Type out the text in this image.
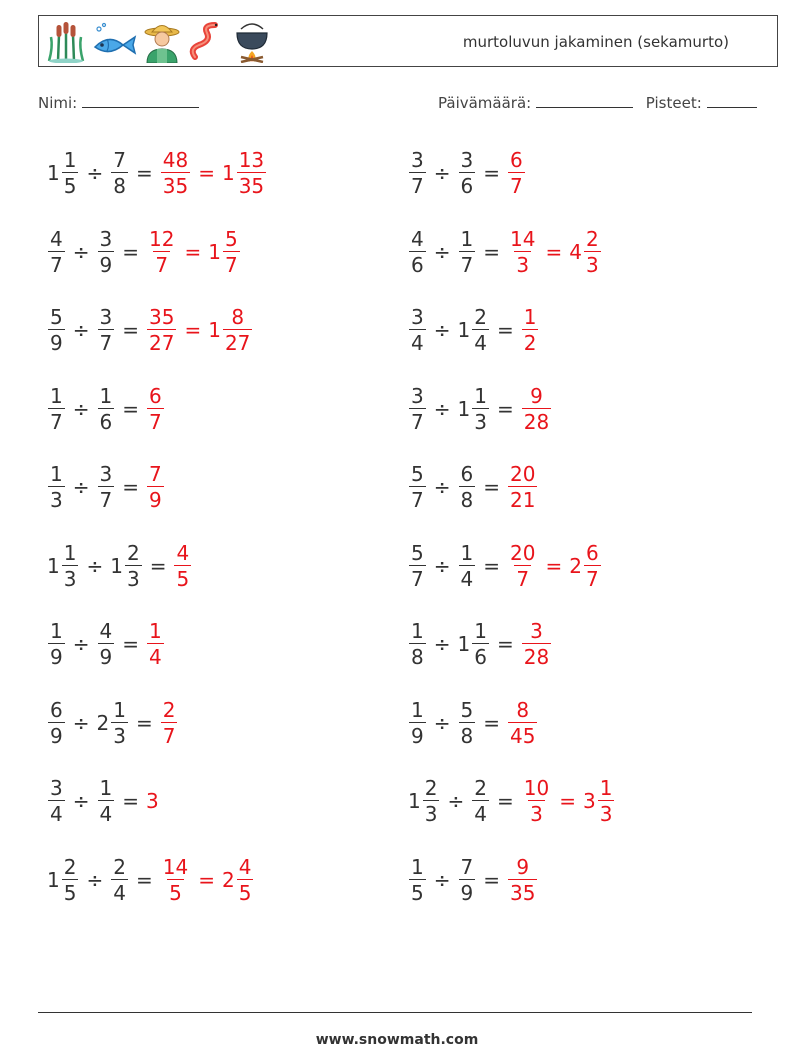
murtoluvun jakaminen (sekamurto)
Nimi:	Päivämäärä:	Pisteet:
$1 \frac{1}{5} \div \frac{7}{8} = \frac{48}{35} = 1 \frac{13}{35}$	$\frac{3}{7} \div \frac{3}{6} = \frac{6}{7}$
$\frac{4}{7} \div \frac{3}{9} = \frac{12}{7} = 1 \frac{5}{7}$	$\frac{4}{6} \div \frac{1}{7} = \frac{14}{3} = 4 \frac{2}{3}$
$\frac{5}{9} \div \frac{3}{7} = \frac{35}{27} = 1 \frac{8}{27}$	$\frac{3}{4} \div 1 \frac{2}{4} = \frac{1}{2}$
$\frac{1}{7} \div \frac{1}{6} = \frac{6}{7}$	$\frac{3}{7} \div 1 \frac{1}{3} = \frac{9}{28}$
$\frac{1}{3} \div \frac{3}{7} = \frac{7}{9}$	$\frac{5}{7} \div \frac{6}{8} = \frac{20}{21}$
$1 \frac{1}{3} \div 1 \frac{2}{3} = \frac{4}{5}$	$\frac{5}{7} \div \frac{1}{4} = \frac{20}{7} = 2 \frac{6}{7}$
$\frac{1}{9} \div \frac{4}{9} = \frac{1}{4}$	$\frac{1}{8} \div 1 \frac{1}{6} = \frac{3}{28}$
$\frac{6}{9} \div 2 \frac{1}{3} = \frac{2}{7}$	$\frac{1}{9} \div \frac{5}{8} = \frac{8}{45}$
$\frac{3}{4} \div \frac{1}{4} = 3$	$1 \frac{2}{3} \div \frac{2}{4} = \frac{10}{3} = 3 \frac{1}{3}$
$1 \frac{2}{5} \div \frac{2}{4} = \frac{14}{5} = 2 \frac{4}{5}$	$\frac{1}{5} \div \frac{7}{9} = \frac{9}{35}$
www.snowmath.com
